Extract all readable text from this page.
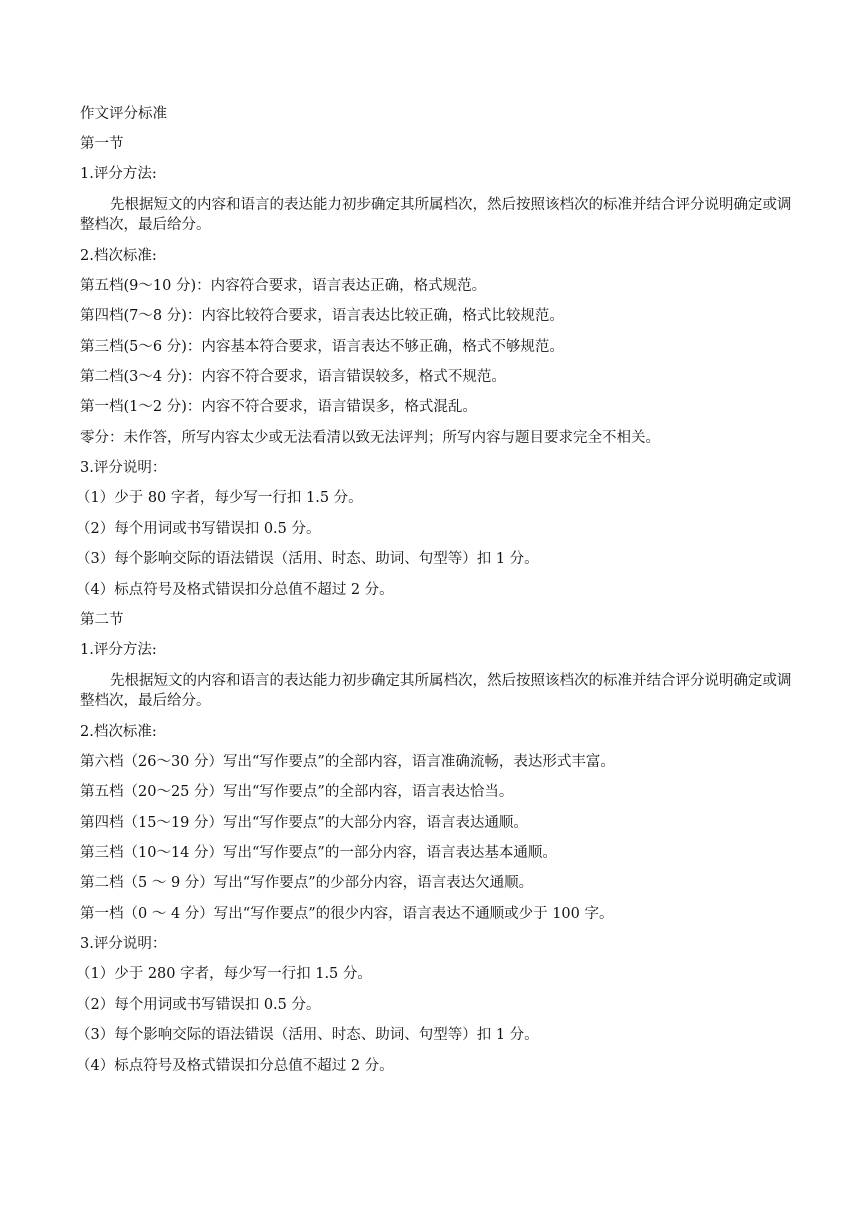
作文评分标准
第一节
1.评分方法:
先根据短文的内容和语言的表达能力初步确定其所属档次，然后按照该档次的标准并结合评分说明确定或调 整档次，最后给分。
2.档次标准:
第五档(9～10 分)：内容符合要求，语言表达正确，格式规范。
第四档(7～8 分)：内容比较符合要求，语言表达比较正确，格式比较规范。
第三档(5～6 分)：内容基本符合要求，语言表达不够正确，格式不够规范。
第二档(3～4 分)：内容不符合要求，语言错误较多，格式不规范。
第一档(1～2 分)：内容不符合要求，语言错误多，格式混乱。
零分：未作答，所写内容太少或无法看清以致无法评判；所写内容与题目要求完全不相关。
3.评分说明：
（1）少于 80 字者，每少写一行扣 1.5 分。
（2）每个用词或书写错误扣 0.5 分。
（3）每个影响交际的语法错误（活用、时态、助词、句型等）扣 1 分。
（4）标点符号及格式错误扣分总值不超过 2 分。
第二节
1.评分方法:
先根据短文的内容和语言的表达能力初步确定其所属档次，然后按照该档次的标准并结合评分说明确定或调 整档次，最后给分。
2.档次标准:
第六档（26～30 分）写出“写作要点”的全部内容，语言准确流畅，表达形式丰富。
第五档（20～25 分）写出“写作要点”的全部内容，语言表达恰当。
第四档（15～19 分）写出“写作要点”的大部分内容，语言表达通顺。
第三档（10～14 分）写出“写作要点”的一部分内容，语言表达基本通顺。
第二档（5 ～ 9 分）写出“写作要点”的少部分内容，语言表达欠通顺。
第一档（0 ～ 4 分）写出“写作要点”的很少内容，语言表达不通顺或少于 100 字。
3.评分说明：
（1）少于 280 字者，每少写一行扣 1.5 分。
（2）每个用词或书写错误扣 0.5 分。
（3）每个影响交际的语法错误（活用、时态、助词、句型等）扣 1 分。
（4）标点符号及格式错误扣分总值不超过 2 分。
